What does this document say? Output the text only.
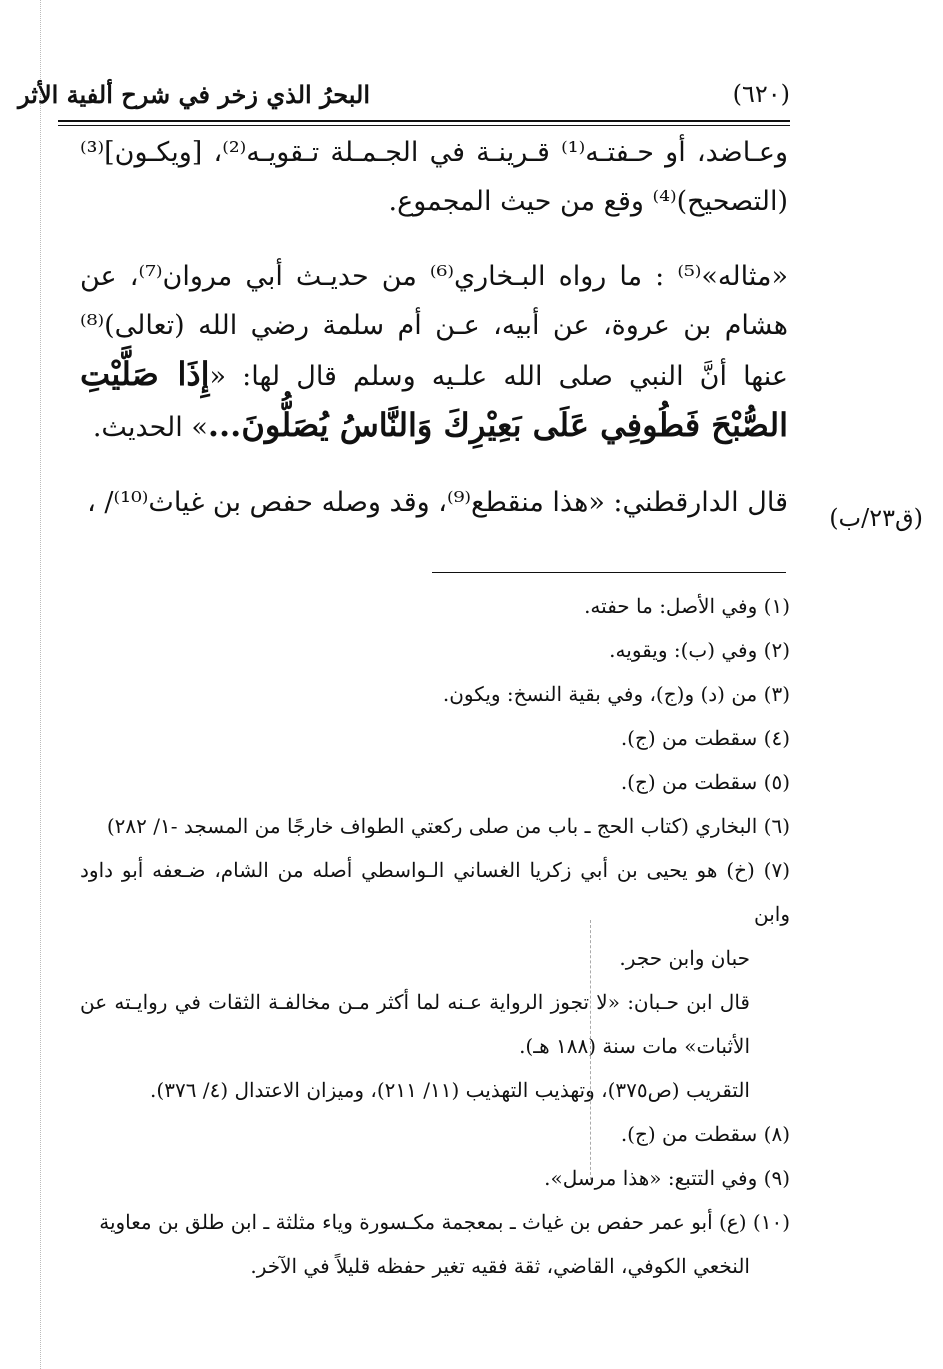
البحرُ الذي زخر في شرح ألفية الأثر	(٦٢٠)

وعـاضد، أو حـفتـه⁽¹⁾ قـرينـة في الجـمـلة تـقويـه⁽²⁾، [ويكـون]⁽³⁾ (التصحيح)⁽⁴⁾ وقع من حيث المجموع.

«مثاله»⁽⁵⁾ : ما رواه البـخاري⁽⁶⁾ من حديـث أبي مروان⁽⁷⁾، عن هشام بن عروة، عن أبيه، عـن أم سلمة رضي الله (تعالى)⁽⁸⁾ عنها أنَّ النبي صلى الله علـيه وسلم قال لها: «إِذَا صَلَّيْتِ الصُّبْحَ فَطُوفِي عَلَى بَعِيْرِكَ وَالنَّاسُ يُصَلُّونَ...» الحديث.

قال الدارقطني: «هذا منقطع⁽⁹⁾، وقد وصله حفص بن غياث⁽¹⁰⁾/ ، (ق٢٣/ب)

(١) وفي الأصل: ما حفته.

(٢) وفي (ب): ويقويه.

(٣) من (د) و(ج)، وفي بقية النسخ: ويكون.

(٤) سقطت من (ج).

(٥) سقطت من (ج).

(٦) البخاري (كتاب الحج ـ باب من صلى ركعتي الطواف خارجًا من المسجد -١/ ٢٨٢)

(٧) (خ) هو يحيى بن أبي زكريا الغساني الـواسطي أصله من الشام، ضـعفه أبو داود وابن

حبان وابن حجر.

قال ابن حـبان: «لا تجوز الرواية عـنه لما أكثر مـن مخالفـة الثقات في روايـته عن الأثبات» مات سنة (١٨٨ هـ).

التقريب (ص٣٧٥)، وتهذيب التهذيب (١١/ ٢١١)، وميزان الاعتدال (٤/ ٣٧٦).

(٨) سقطت من (ج).

(٩) وفي التتبع: «هذا مرسل».

(١٠) (ع) أبو عمر حفص بن غياث ـ بمعجمة مكـسورة وياء مثلثة ـ ابن طلق بن معاوية

النخعي الكوفي، القاضي، ثقة فقيه تغير حفظه قليلاً في الآخر.
